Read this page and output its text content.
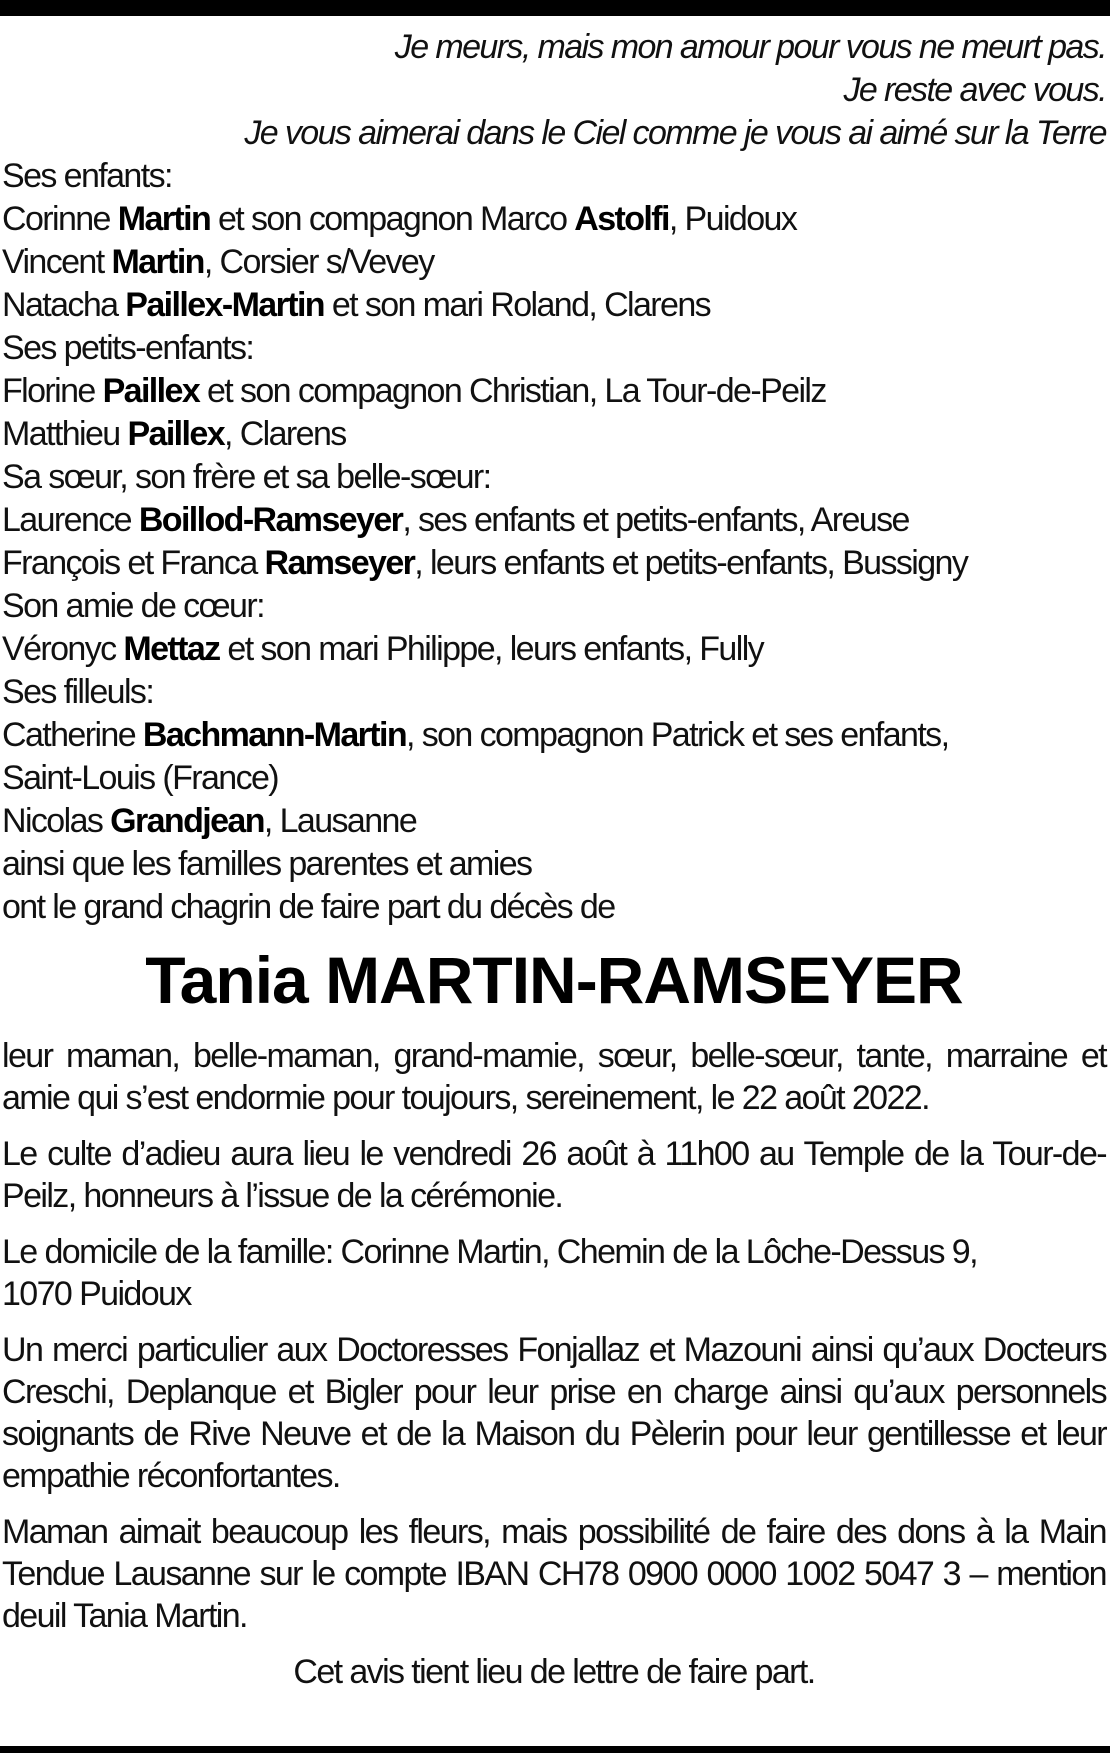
Je meurs, mais mon amour pour vous ne meurt pas.
Je reste avec vous.
Je vous aimerai dans le Ciel comme je vous ai aimé sur la Terre
Ses enfants:
Corinne Martin et son compagnon Marco Astolfi, Puidoux
Vincent Martin, Corsier s/Vevey
Natacha Paillex-Martin et son mari Roland, Clarens
Ses petits-enfants:
Florine Paillex et son compagnon Christian, La Tour-de-Peilz
Matthieu Paillex, Clarens
Sa sœur, son frère et sa belle-sœur:
Laurence Boillod-Ramseyer, ses enfants et petits-enfants, Areuse
François et Franca Ramseyer, leurs enfants et petits-enfants, Bussigny
Son amie de cœur:
Véronyc Mettaz et son mari Philippe, leurs enfants, Fully
Ses filleuls:
Catherine Bachmann-Martin, son compagnon Patrick et ses enfants,
Saint-Louis (France)
Nicolas Grandjean, Lausanne
ainsi que les familles parentes et amies
ont le grand chagrin de faire part du décès de
Tania MARTIN-RAMSEYER
leur maman, belle-maman, grand-mamie, sœur, belle-sœur, tante, marraine et amie qui s’est endormie pour toujours, sereinement, le 22 août 2022.
Le culte d’adieu aura lieu le vendredi 26 août à 11h00 au Temple de la Tour-de-Peilz, honneurs à l’issue de la cérémonie.
Le domicile de la famille: Corinne Martin, Chemin de la Lôche-Dessus 9,
1070 Puidoux
Un merci particulier aux Doctoresses Fonjallaz et Mazouni ainsi qu’aux Docteurs Creschi, Deplanque et Bigler pour leur prise en charge ainsi qu’aux personnels soignants de Rive Neuve et de la Maison du Pèlerin pour leur gentillesse et leur empathie réconfortantes.
Maman aimait beaucoup les fleurs, mais possibilité de faire des dons à la Main Tendue Lausanne sur le compte IBAN CH78 0900 0000 1002 5047 3 – mention deuil Tania Martin.
Cet avis tient lieu de lettre de faire part.
